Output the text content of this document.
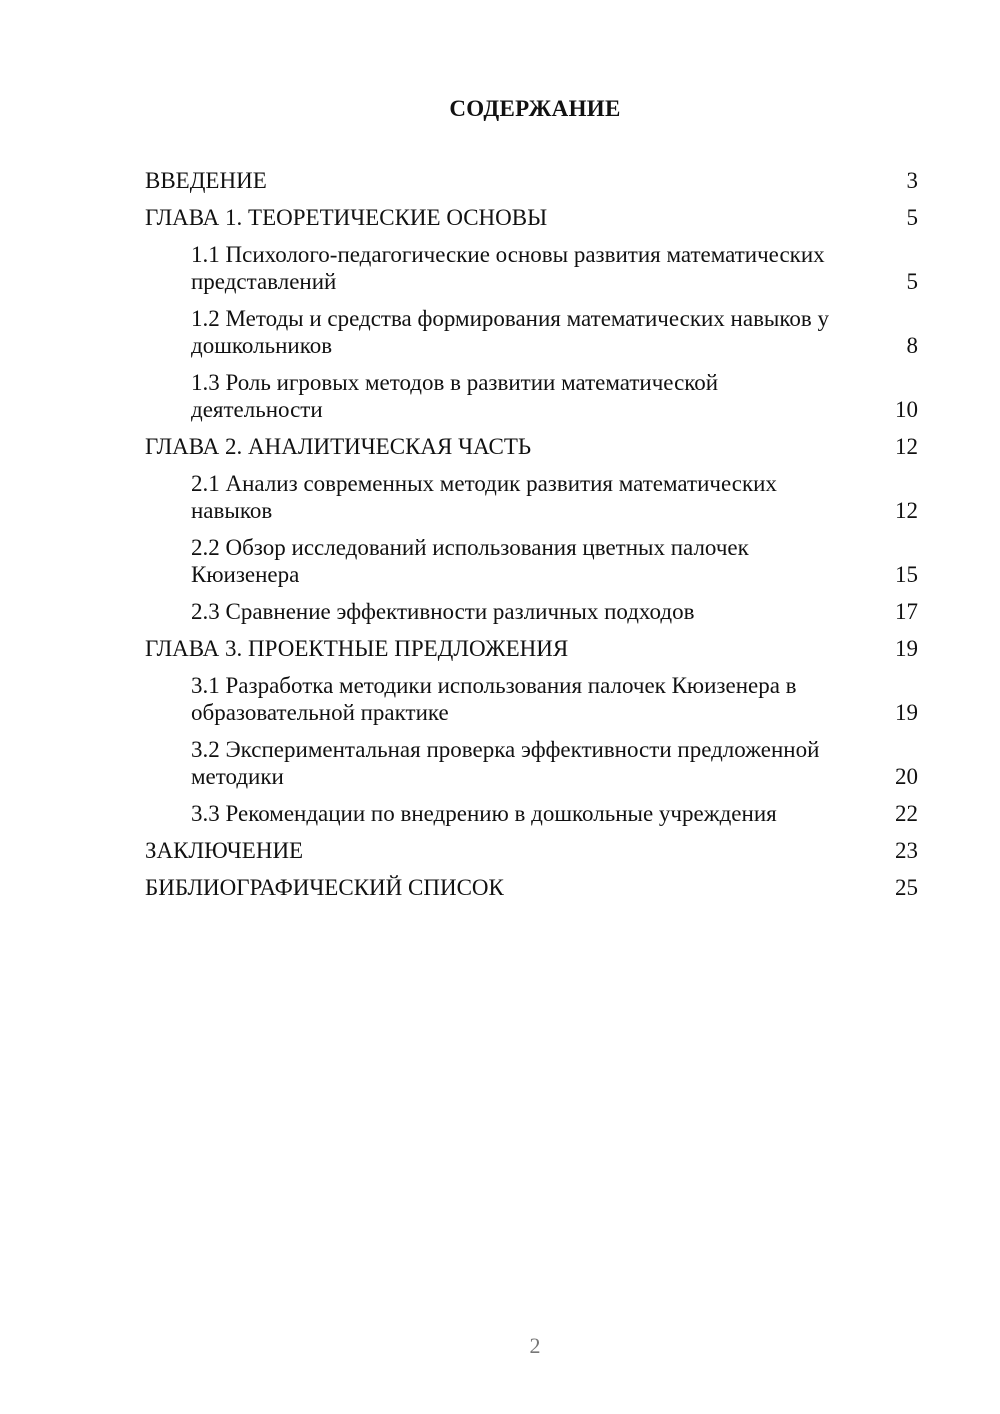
СОДЕРЖАНИЕ
ВВЕДЕНИЕ	3
ГЛАВА 1. ТЕОРЕТИЧЕСКИЕ ОСНОВЫ	5
1.1 Психолого-педагогические основы развития математических представлений	5
1.2 Методы и средства формирования математических навыков у дошкольников	8
1.3 Роль игровых методов в развитии математической деятельности	10
ГЛАВА 2. АНАЛИТИЧЕСКАЯ ЧАСТЬ	12
2.1 Анализ современных методик развития математических навыков	12
2.2 Обзор исследований использования цветных палочек Кюизенера	15
2.3 Сравнение эффективности различных подходов	17
ГЛАВА 3. ПРОЕКТНЫЕ ПРЕДЛОЖЕНИЯ	19
3.1 Разработка методики использования палочек Кюизенера в образовательной практике	19
3.2 Экспериментальная проверка эффективности предложенной методики	20
3.3 Рекомендации по внедрению в дошкольные учреждения	22
ЗАКЛЮЧЕНИЕ	23
БИБЛИОГРАФИЧЕСКИЙ СПИСОК	25

2
